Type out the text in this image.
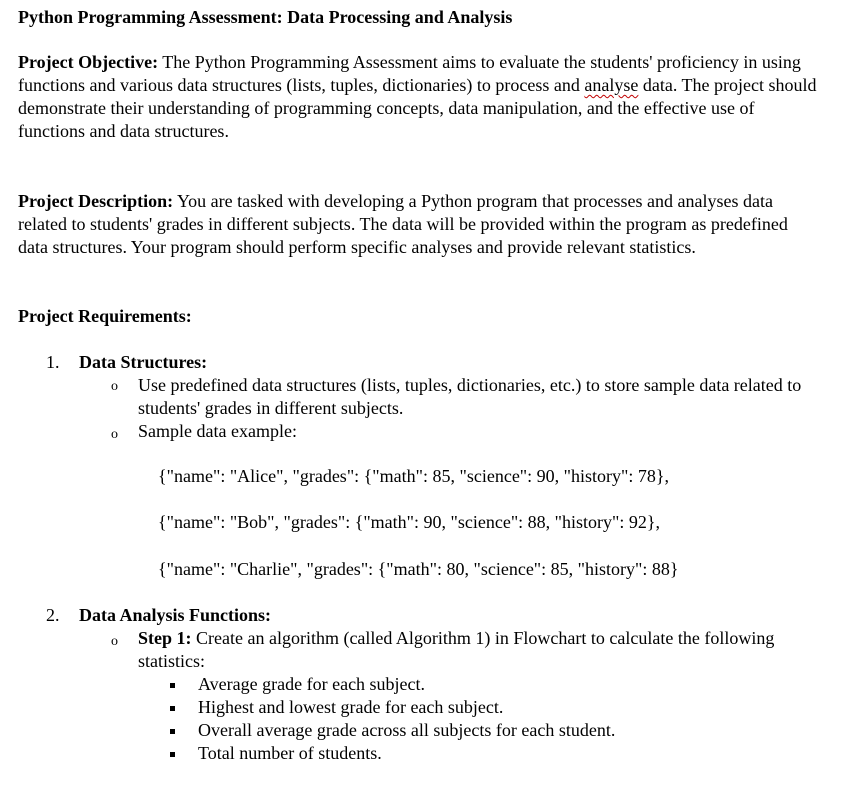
Python Programming Assessment: Data Processing and Analysis

Project Objective: The Python Programming Assessment aims to evaluate the students' proficiency in using functions and various data structures (lists, tuples, dictionaries) to process and analyse data. The project should demonstrate their understanding of programming concepts, data manipulation, and the effective use of functions and data structures.

Project Description: You are tasked with developing a Python program that processes and analyses data related to students' grades in different subjects. The data will be provided within the program as predefined data structures. Your program should perform specific analyses and provide relevant statistics.

Project Requirements:
1. Data Structures:
o Use predefined data structures (lists, tuples, dictionaries, etc.) to store sample data related to students' grades in different subjects.
o Sample data example:
{"name": "Alice", "grades": {"math": 85, "science": 90, "history": 78},
{"name": "Bob", "grades": {"math": 90, "science": 88, "history": 92},
{"name": "Charlie", "grades": {"math": 80, "science": 85, "history": 88}
2. Data Analysis Functions:
o Step 1: Create an algorithm (called Algorithm 1) in Flowchart to calculate the following statistics:
Average grade for each subject.
Highest and lowest grade for each subject.
Overall average grade across all subjects for each student.
Total number of students.
